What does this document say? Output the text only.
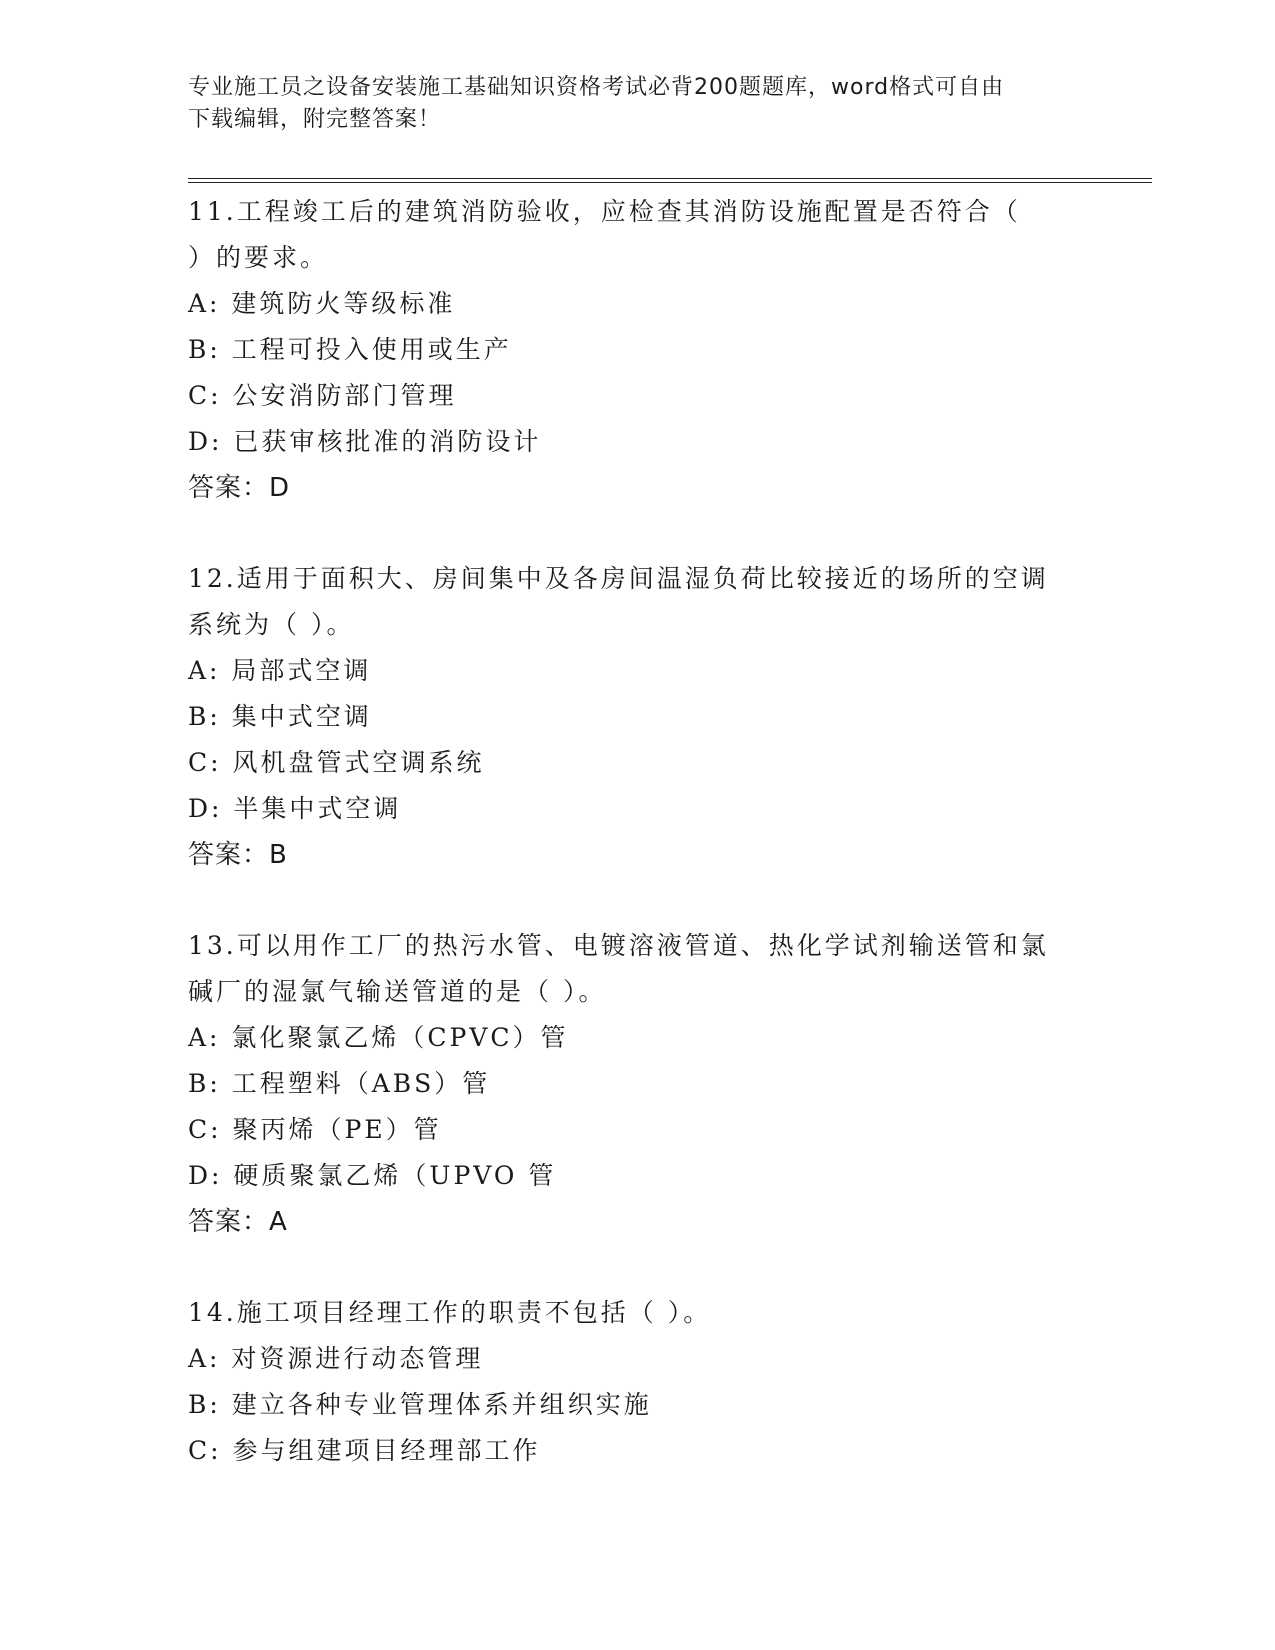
专业施工员之设备安装施工基础知识资格考试必背200题题库，word格式可自由
下载编辑，附完整答案！
11.工程竣工后的建筑消防验收，应检查其消防设施配置是否符合（
）的要求。
A: 建筑防火等级标准
B: 工程可投入使用或生产
C: 公安消防部门管理
D: 已获审核批准的消防设计
答案：D
12.适用于面积大、房间集中及各房间温湿负荷比较接近的场所的空调
系统为（ ）。
A: 局部式空调
B: 集中式空调
C: 风机盘管式空调系统
D: 半集中式空调
答案：B
13.可以用作工厂的热污水管、电镀溶液管道、热化学试剂输送管和氯
碱厂的湿氯气输送管道的是（ ）。
A: 氯化聚氯乙烯（CPVC）管
B: 工程塑料（ABS）管
C: 聚丙烯（PE）管
D: 硬质聚氯乙烯（UPVO 管
答案：A
14.施工项目经理工作的职责不包括（ ）。
A: 对资源进行动态管理
B: 建立各种专业管理体系并组织实施
C: 参与组建项目经理部工作
